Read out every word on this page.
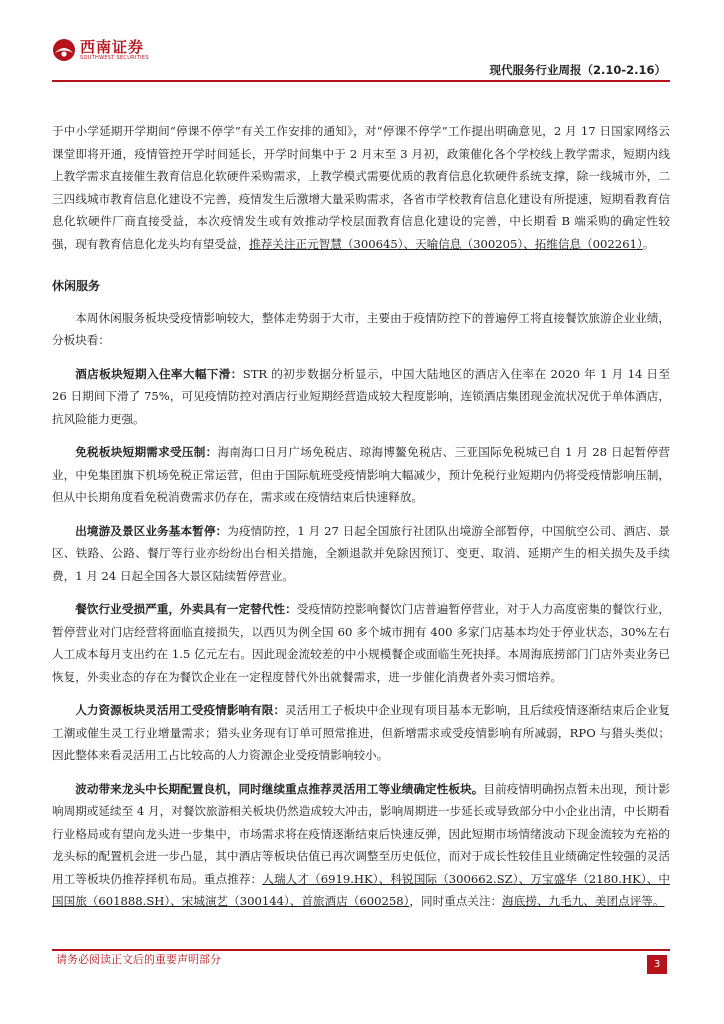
西南证券
SOUTHWEST SECURITIES
现代服务行业周报（2.10-2.16）

于中小学延期开学期间“停课不停学”有关工作安排的通知》，对“停课不停学”工作提出明确意见，2 月 17 日国家网络云课堂即将开通，疫情管控开学时间延长，开学时间集中于 2 月末至 3 月初，政策催化各个学校线上教学需求，短期内线上教学需求直接催生教育信息化软硬件采购需求，上教学模式需要优质的教育信息化软硬件系统支撑，除一线城市外，二三四线城市教育信息化建设不完善，疫情发生后激增大量采购需求，各省市学校教育信息化建设有所提速，短期看教育信息化软硬件厂商直接受益，本次疫情发生或有效推动学校层面教育信息化建设的完善，中长期看 B 端采购的确定性较强，现有教育信息化龙头均有望受益，推荐关注正元智慧（300645）、天喻信息（300205）、拓维信息（002261）。

休闲服务

本周休闲服务板块受疫情影响较大，整体走势弱于大市，主要由于疫情防控下的普遍停工将直接餐饮旅游企业业绩，分板块看：

酒店板块短期入住率大幅下滑：STR 的初步数据分析显示，中国大陆地区的酒店入住率在 2020 年 1 月 14 日至 26 日期间下滑了 75%，可见疫情防控对酒店行业短期经营造成较大程度影响，连锁酒店集团现金流状况优于单体酒店，抗风险能力更强。

免税板块短期需求受压制：海南海口日月广场免税店、琼海博鳌免税店、三亚国际免税城已自 1 月 28 日起暂停营业，中免集团旗下机场免税正常运营，但由于国际航班受疫情影响大幅减少，预计免税行业短期内仍将受疫情影响压制，但从中长期角度看免税消费需求仍存在，需求或在疫情结束后快速释放。

出境游及景区业务基本暂停：为疫情防控，1 月 27 日起全国旅行社团队出境游全部暂停，中国航空公司、酒店、景区、铁路、公路、餐厅等行业亦纷纷出台相关措施，全额退款并免除因预订、变更、取消、延期产生的相关损失及手续费，1 月 24 日起全国各大景区陆续暂停营业。

餐饮行业受损严重，外卖具有一定替代性：受疫情防控影响餐饮门店普遍暂停营业，对于人力高度密集的餐饮行业，暂停营业对门店经营将面临直接损失，以西贝为例全国 60 多个城市拥有 400 多家门店基本均处于停业状态，30%左右人工成本每月支出约在 1.5 亿元左右。因此现金流较差的中小规模餐企或面临生死抉择。本周海底捞部门门店外卖业务已恢复，外卖业态的存在为餐饮企业在一定程度替代外出就餐需求，进一步催化消费者外卖习惯培养。

人力资源板块灵活用工受疫情影响有限：灵活用工子板块中企业现有项目基本无影响，且后续疫情逐渐结束后企业复工潮或催生灵工行业增量需求；猎头业务现有订单可照常推进，但新增需求或受疫情影响有所减弱，RPO 与猎头类似；因此整体来看灵活用工占比较高的人力资源企业受疫情影响较小。

波动带来龙头中长期配置良机，同时继续重点推荐灵活用工等业绩确定性板块。目前疫情明确拐点暂未出现，预计影响周期或延续至 4 月，对餐饮旅游相关板块仍然造成较大冲击，影响周期进一步延长或导致部分中小企业出清，中长期看行业格局或有望向龙头进一步集中，市场需求将在疫情逐渐结束后快速反弹，因此短期市场情绪波动下现金流较为充裕的龙头标的配置机会进一步凸显，其中酒店等板块估值已再次调整至历史低位，而对于成长性较佳且业绩确定性较强的灵活用工等板块仍推荐择机布局。重点推荐：人瑞人才（6919.HK）、科锐国际（300662.SZ）、万宝盛华（2180.HK）、中国国旅（601888.SH）、宋城演艺（300144）、首旅酒店（600258），同时重点关注：海底捞、九毛九、美团点评等。

请务必阅读正文后的重要声明部分	3
